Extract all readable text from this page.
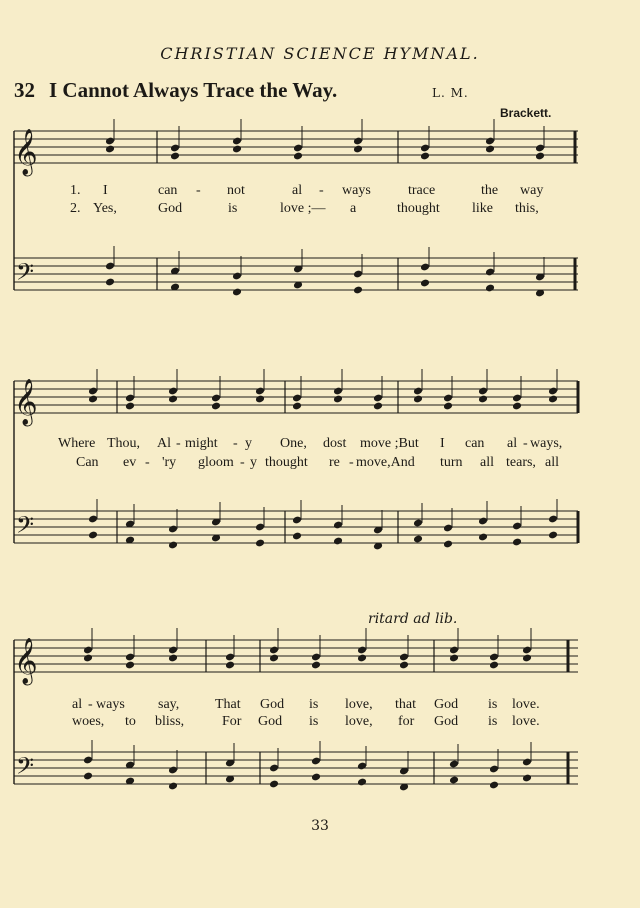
CHRISTIAN SCIENCE HYMNAL.
32 I Cannot Always Trace the Way.	L. M.
Brackett.
ritard ad lib.
𝄞
𝄢
𝄞
𝄢
𝄞
𝄢
1. I	can - not	al - ways	trace	the way
2. Yes,	God	is	love ;— a	thought like this,
Where Thou, Al - might - y One, dost move ;But I can al - ways,
Can ev - 'ry gloom - y thought re - move,And turn all tears, all
al - ways say,	That God is love, that God is love.
woes, to bliss,	For God is love, for God is love.
33
